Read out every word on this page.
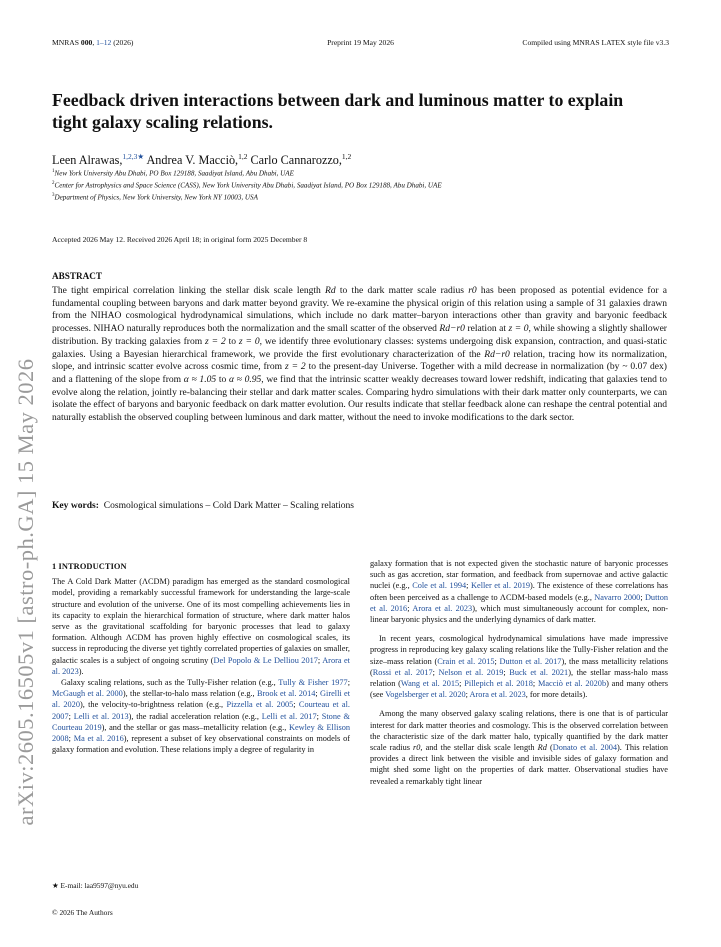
MNRAS 000, 1–12 (2026)	Preprint 19 May 2026	Compiled using MNRAS LATEX style file v3.3
Feedback driven interactions between dark and luminous matter to explain tight galaxy scaling relations.
Leen Alrawas,$^{1,2,3★}$ Andrea V. Macciò,$^{1,2}$ Carlo Cannarozzo,$^{1,2}$
$^1$New York University Abu Dhabi, PO Box 129188, Saadiyat Island, Abu Dhabi, UAE
$^2$Center for Astrophysics and Space Science (CASS), New York University Abu Dhabi, Saadiyat Island, PO Box 129188, Abu Dhabi, UAE
$^3$Department of Physics, New York University, New York NY 10003, USA
arXiv:2605.16505v1 [astro-ph.GA] 15 May 2026
Accepted 2026 May 12. Received 2026 April 18; in original form 2025 December 8
ABSTRACT
The tight empirical correlation linking the stellar disk scale length Rd to the dark matter scale radius r0 has been proposed as potential evidence for a fundamental coupling between baryons and dark matter beyond gravity. We re-examine the physical origin of this relation using a sample of 31 galaxies drawn from the NIHAO cosmological hydrodynamical simulations, which include no dark matter–baryon interactions other than gravity and baryonic feedback processes. NIHAO naturally reproduces both the normalization and the small scatter of the observed Rd−r0 relation at z = 0, while showing a slightly shallower distribution. By tracking galaxies from z = 2 to z = 0, we identify three evolutionary classes: systems undergoing disk expansion, contraction, and quasi-static galaxies. Using a Bayesian hierarchical framework, we provide the first evolutionary characterization of the Rd−r0 relation, tracing how its normalization, slope, and intrinsic scatter evolve across cosmic time, from z = 2 to the present-day Universe. Together with a mild decrease in normalization (by ~ 0.07 dex) and a flattening of the slope from α ≈ 1.05 to α ≈ 0.95, we find that the intrinsic scatter weakly decreases toward lower redshift, indicating that galaxies tend to evolve along the relation, jointly re-balancing their stellar and dark matter scales. Comparing hydro simulations with their dark matter only counterparts, we can isolate the effect of baryons and baryonic feedback on dark matter evolution. Our results indicate that stellar feedback alone can reshape the central potential and naturally establish the observed coupling between luminous and dark matter, without the need to invoke modifications to the dark sector.
Key words: Cosmological simulations – Cold Dark Matter – Scaling relations
1 INTRODUCTION

The A Cold Dark Matter (ΛCDM) paradigm has emerged as the standard cosmological model, providing a remarkably successful framework for understanding the large-scale structure and evolution of the universe. One of its most compelling achievements lies in its capacity to explain the hierarchical formation of structure, where dark matter halos serve as the gravitational scaffolding for baryonic processes that lead to galaxy formation. Although ΛCDM has proven highly effective on cosmological scales, its success in reproducing the diverse yet tightly correlated properties of galaxies on smaller, galactic scales is a subject of ongoing scrutiny (Del Popolo & Le Delliou 2017; Arora et al. 2023).

Galaxy scaling relations, such as the Tully-Fisher relation (e.g., Tully & Fisher 1977; McGaugh et al. 2000), the stellar-to-halo mass relation (e.g., Brook et al. 2014; Girelli et al. 2020), the velocity-to-brightness relation (e.g., Pizzella et al. 2005; Courteau et al. 2007; Lelli et al. 2013), the radial acceleration relation (e.g., Lelli et al. 2017; Stone & Courteau 2019), and the stellar or gas mass–metallicity relation (e.g., Kewley & Ellison 2008; Ma et al. 2016), represent a subset of key observational constraints on models of galaxy formation and evolution. These relations imply a degree of regularity in

galaxy formation that is not expected given the stochastic nature of baryonic processes such as gas accretion, star formation, and feedback from supernovae and active galactic nuclei (e.g., Cole et al. 1994; Keller et al. 2019). The existence of these correlations has often been perceived as a challenge to ΛCDM-based models (e.g., Navarro 2000; Dutton et al. 2016; Arora et al. 2023), which must simultaneously account for complex, non-linear baryonic physics and the underlying dynamics of dark matter.

In recent years, cosmological hydrodynamical simulations have made impressive progress in reproducing key galaxy scaling relations like the Tully-Fisher relation and the size–mass relation (Crain et al. 2015; Dutton et al. 2017), the mass metallicity relations (Rossi et al. 2017; Nelson et al. 2019; Buck et al. 2021), the stellar mass-halo mass relation (Wang et al. 2015; Pillepich et al. 2018; Macciò et al. 2020b) and many others (see Vogelsberger et al. 2020; Arora et al. 2023, for more details).

Among the many observed galaxy scaling relations, there is one that is of particular interest for dark matter theories and cosmology. This is the observed correlation between the characteristic size of the dark matter halo, typically quantified by the dark matter scale radius r0, and the stellar disk scale length Rd (Donato et al. 2004). This relation provides a direct link between the visible and invisible sides of galaxy formation and might shed some light on the properties of dark matter. Observational studies have revealed a remarkably tight linear

★ E-mail: laa9597@nyu.edu
© 2026 The Authors
